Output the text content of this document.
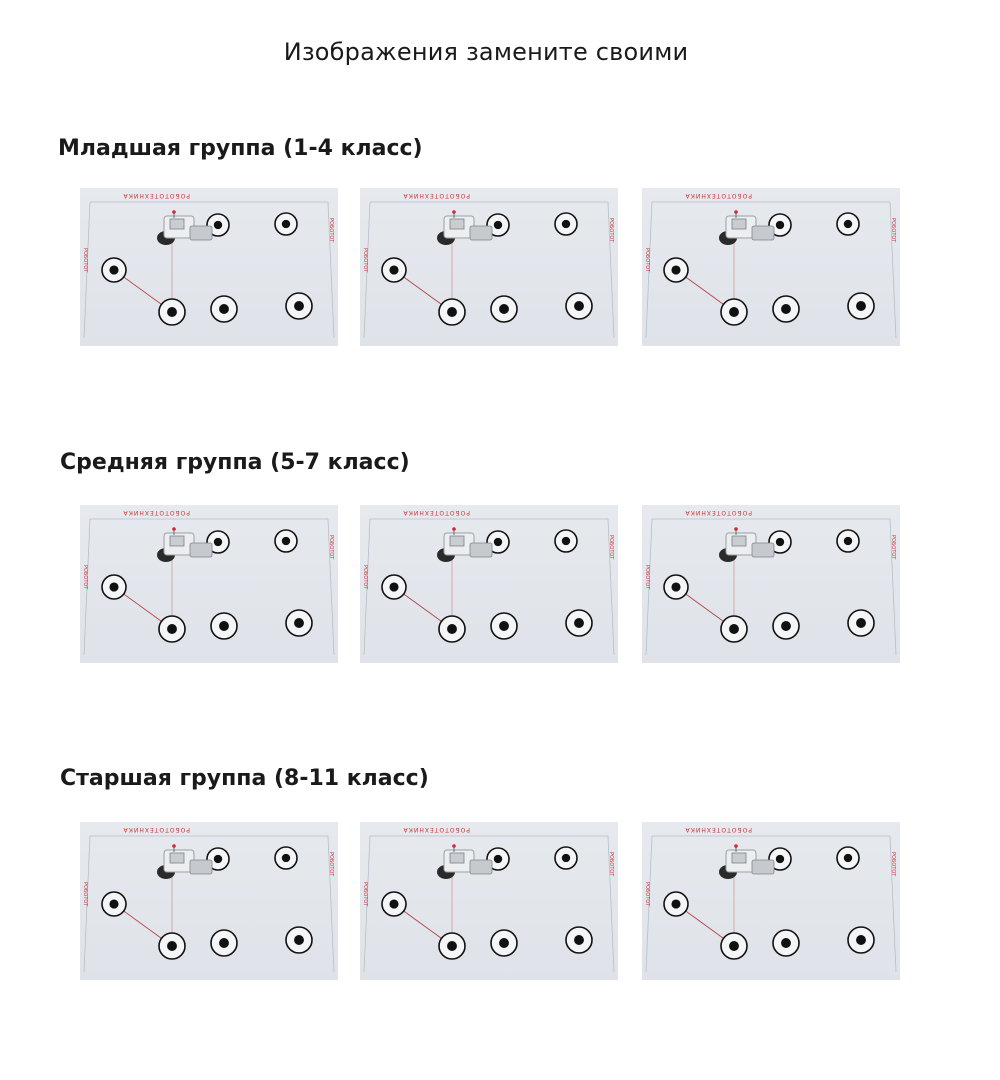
Изображения замените своими
Младшая группа (1-4 класс)
Средняя группа (5-7 класс)
Старшая группа (8-11 класс)
РОБОТОТЕХНИКА
РОБОТОТ
РОБОТОТ
РОБОТОТЕХНИКА
РОБОТОТ
РОБОТОТ
РОБОТОТЕХНИКА
РОБОТОТ
РОБОТОТ
РОБОТОТЕХНИКА
РОБОТОТ
РОБОТОТ
РОБОТОТЕХНИКА
РОБОТОТ
РОБОТОТ
РОБОТОТЕХНИКА
РОБОТОТ
РОБОТОТ
РОБОТОТЕХНИКА
РОБОТОТ
РОБОТОТ
РОБОТОТЕХНИКА
РОБОТОТ
РОБОТОТ
РОБОТОТЕХНИКА
РОБОТОТ
РОБОТОТ
